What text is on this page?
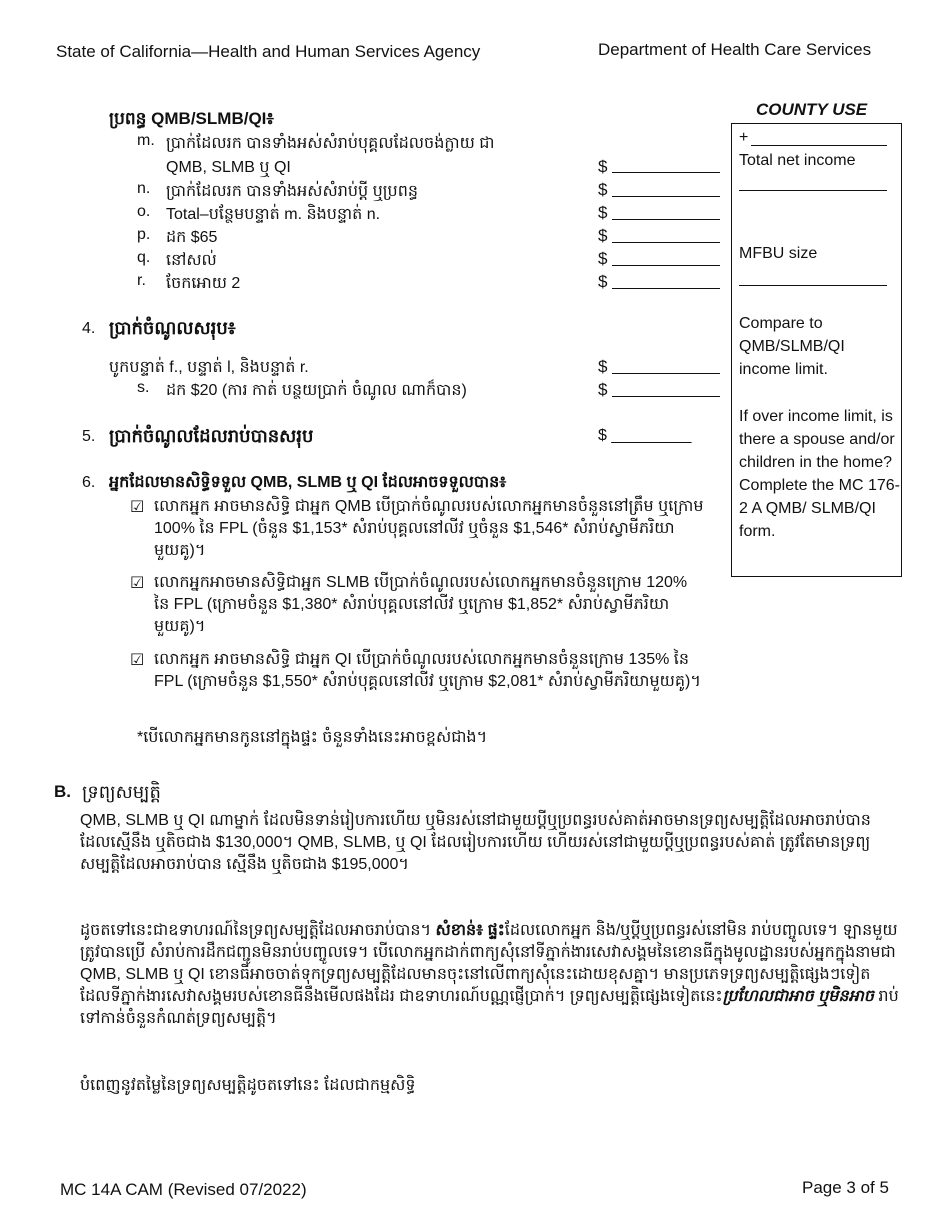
State of California—Health and Human Services Agency	Department of Health Care Services
COUNTY USE
+
Total net income
MFBU size
Compare to QMB/SLMB/QI income limit.
If over income limit, is there a spouse and/or children in the home? Complete the MC 176-2 A QMB/ SLMB/QI form.
ប្រពន្ធ QMB/SLMB/QI៖
m. ប្រាក់ដែលរក បានទាំងអស់សំរាប់បុគ្គលដែលចង់ក្លាយ ជា
QMB, SLMB ឬ QI	$
n. ប្រាក់ដែលរក បានទាំងអស់សំរាប់ប្ដី ឬប្រពន្ធ	$
o. Total–បន្ថែមបន្ទាត់ m. និងបន្ទាត់ n.	$
p. ដក $65	$
q. នៅសល់	$
r. ចែកអោយ 2	$
4. ប្រាក់ចំណូលសរុប៖
បូកបន្ទាត់ f., បន្ទាត់ l, និងបន្ទាត់ r.	$
s. ដក $20 (ការ កាត់ បន្ថយប្រាក់ ចំណូល ណាក៏បាន)	$
5. ប្រាក់ចំណូលដែលរាប់បានសរុប	$ _________
6. អ្នកដែលមានសិទ្ធិទទួល QMB, SLMB ឬ QI ដែលអាចទទួលបាន៖
☑ លោកអ្នក អាចមានសិទ្ធិ ជាអ្នក QMB បើប្រាក់ចំណូលរបស់លោកអ្នកមានចំនួននៅត្រឹម ឬក្រោម 100% នៃ FPL (ចំនួន $1,153* សំរាប់បុគ្គលនៅលីវ ឬចំនួន $1,546* សំរាប់ស្វាមីភរិយាមួយគូ)។
☑ លោកអ្នកអាចមានសិទ្ធិជាអ្នក SLMB បើប្រាក់ចំណូលរបស់លោកអ្នកមានចំនួនក្រោម 120% នៃ FPL (ក្រោមចំនួន $1,380* សំរាប់បុគ្គលនៅលីវ ឬក្រោម $1,852* សំរាប់ស្វាមីភរិយាមួយគូ)។
☑ លោកអ្នក អាចមានសិទ្ធិ ជាអ្នក QI បើប្រាក់ចំណូលរបស់លោកអ្នកមានចំនួនក្រោម 135% នៃ FPL (ក្រោមចំនួន $1,550* សំរាប់បុគ្គលនៅលីវ ឬក្រោម $2,081* សំរាប់ស្វាមីភរិយាមួយគូ)។
*បើលោកអ្នកមានកូននៅក្នុងផ្ទះ ចំនួនទាំងនេះអាចខ្ពស់ជាង។
B. ទ្រព្យសម្បត្តិ
QMB, SLMB ឬ QI ណាម្នាក់ ដែលមិនទាន់រៀបការហើយ ឬមិនរស់នៅជាមួយប្ដីឬប្រពន្ធរបស់គាត់អាចមានទ្រព្យសម្បត្តិដែលអាចរាប់បានដែលស្មើនឹង ឬតិចជាង $130,000។ QMB, SLMB, ឬ QI ដែលរៀបការហើយ ហើយរស់នៅជាមួយប្ដីឬប្រពន្ធរបស់គាត់ ត្រូវតែមានទ្រព្យសម្បត្តិដែលអាចរាប់បាន ស្មើនឹង ឬតិចជាង $195,000។
ដូចតទៅនេះជាឧទាហរណ៍នៃទ្រព្យសម្បត្តិដែលអាចរាប់បាន។ សំខាន់៖ ផ្ទះដែលលោកអ្នក និង/ឬប្ដីឬប្រពន្ធរស់នៅមិន រាប់បញ្ចូលទេ។ ឡានមួយត្រូវបានប្រើ សំរាប់ការដឹកជញ្ជូនមិនរាប់បញ្ចូលទេ។ បើលោកអ្នកដាក់ពាក្យសុំនៅទីភ្នាក់ងារសេវាសង្គមនៃខោនធីក្នុងមូលដ្ឋានរបស់អ្នកក្នុងនាមជា QMB, SLMB ឬ QI ខោនធីអាចចាត់ទុកទ្រព្យសម្បត្តិដែលមានចុះនៅលើពាក្យសុំនេះដោយខុសគ្នា។ មានប្រភេទទ្រព្យសម្បត្តិផ្សេងៗទៀតដែលទីភ្នាក់ងារសេវាសង្គមរបស់ខោនធីនឹងមើលផងដែរ ជាឧទាហរណ៍បណ្ណផ្ញើប្រាក់។ ទ្រព្យសម្បត្តិផ្សេងទៀតនេះប្រហែលជាអាច ឬមិនអាច រាប់ទៅកាន់ចំនួនកំណត់ទ្រព្យសម្បត្តិ។
បំពេញនូវតម្លៃនៃទ្រព្យសម្បត្តិដូចតទៅនេះ ដែលជាកម្មសិទ្ធិ
MC 14A CAM (Revised 07/2022)	Page 3 of 5
